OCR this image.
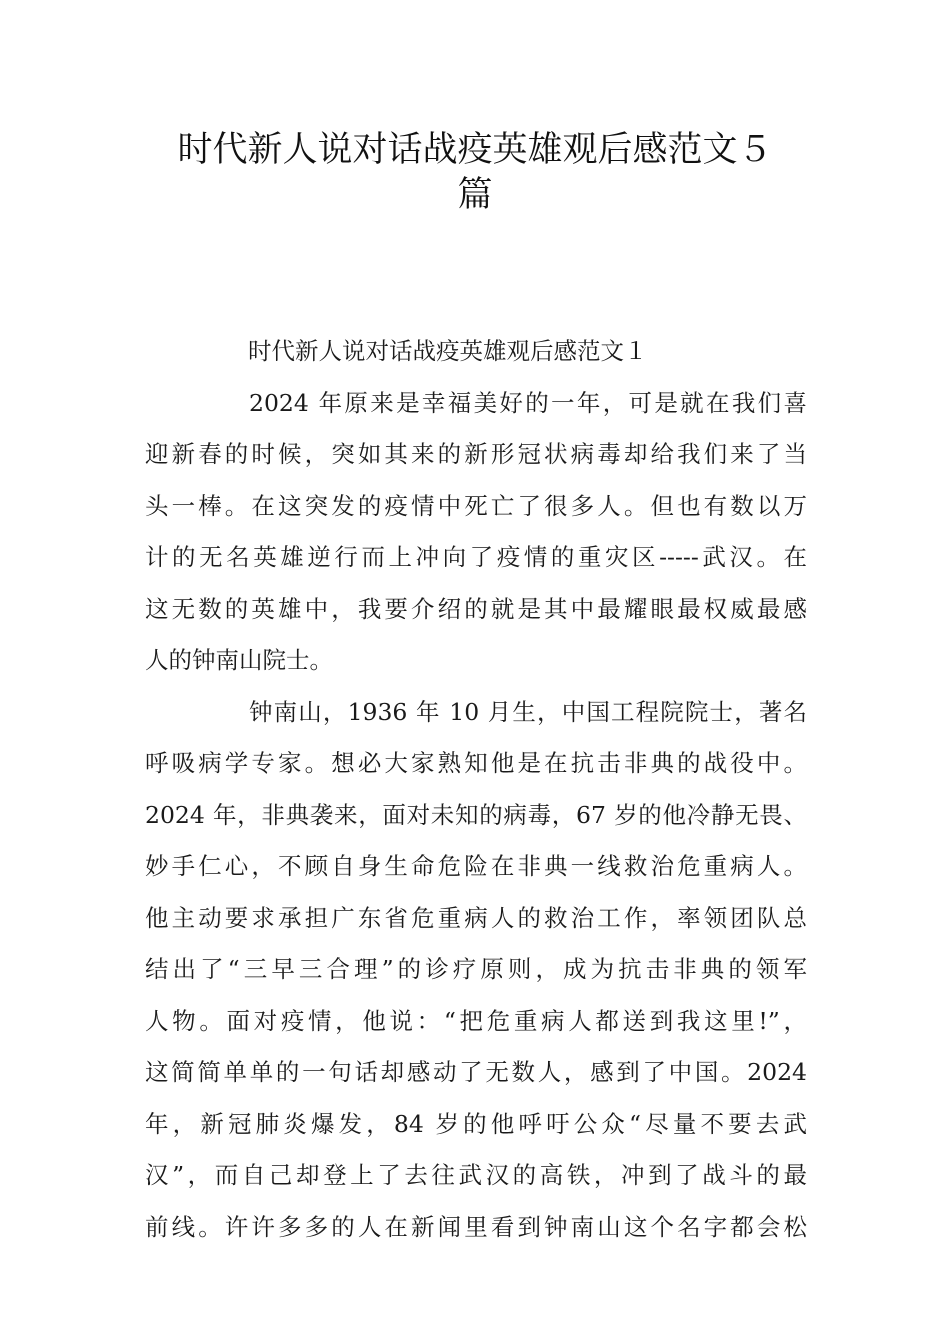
时代新人说对话战疫英雄观后感范文５
篇
时代新人说对话战疫英雄观后感范文１
2024 年原来是幸福美好的一年，可是就在我们喜
迎新春的时候，突如其来的新形冠状病毒却给我们来了当
头一棒。在这突发的疫情中死亡了很多人。但也有数以万
计的无名英雄逆行而上冲向了疫情的重灾区-----武汉。在
这无数的英雄中，我要介绍的就是其中最耀眼最权威最感
人的钟南山院士。
钟南山，1936 年 10 月生，中国工程院院士，著名
呼吸病学专家。想必大家熟知他是在抗击非典的战役中。
2024 年，非典袭来，面对未知的病毒，67 岁的他冷静无畏、
妙手仁心，不顾自身生命危险在非典一线救治危重病人。
他主动要求承担广东省危重病人的救治工作，率领团队总
结出了“三早三合理”的诊疗原则，成为抗击非典的领军
人物。面对疫情，他说：“把危重病人都送到我这里!”，
这简简单单的一句话却感动了无数人，感到了中国。2024
年，新冠肺炎爆发，84 岁的他呼吁公众“尽量不要去武
汉”，而自己却登上了去往武汉的高铁，冲到了战斗的最
前线。许许多多的人在新闻里看到钟南山这个名字都会松
